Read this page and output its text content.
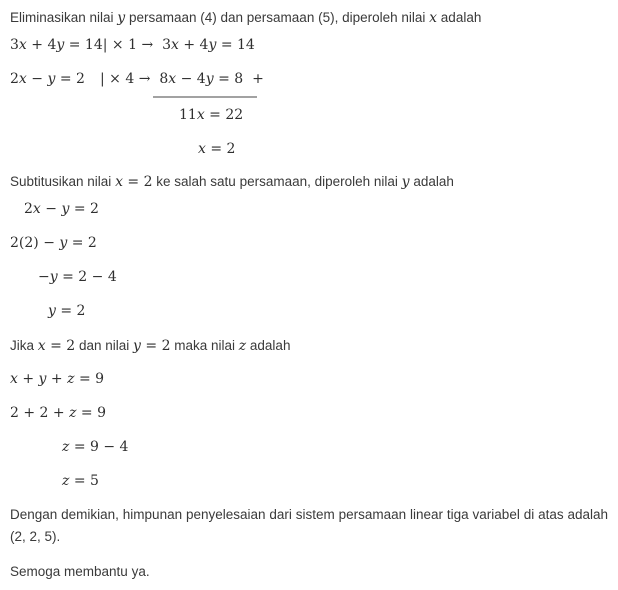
Eliminasikan nilai y persamaan (4) dan persamaan (5), diperoleh nilai x adalah

3x + 4y = 14 | × 1 →  3x + 4y = 14
2x − y = 2	| × 4 →  8x − 4y = 8  +
11x = 22
x = 2

Subtitusikan nilai x = 2 ke salah satu persamaan, diperoleh nilai y adalah

2x − y = 2
2(2) − y = 2
−y = 2 − 4
y = 2

Jika x = 2 dan nilai y = 2 maka nilai z adalah

x + y + z = 9
2 + 2 + z = 9
z = 9 − 4
z = 5
Dengan demikian, himpunan penyelesaian dari sistem persamaan linear tiga variabel di atas adalah
(2, 2, 5).

Semoga membantu ya.
